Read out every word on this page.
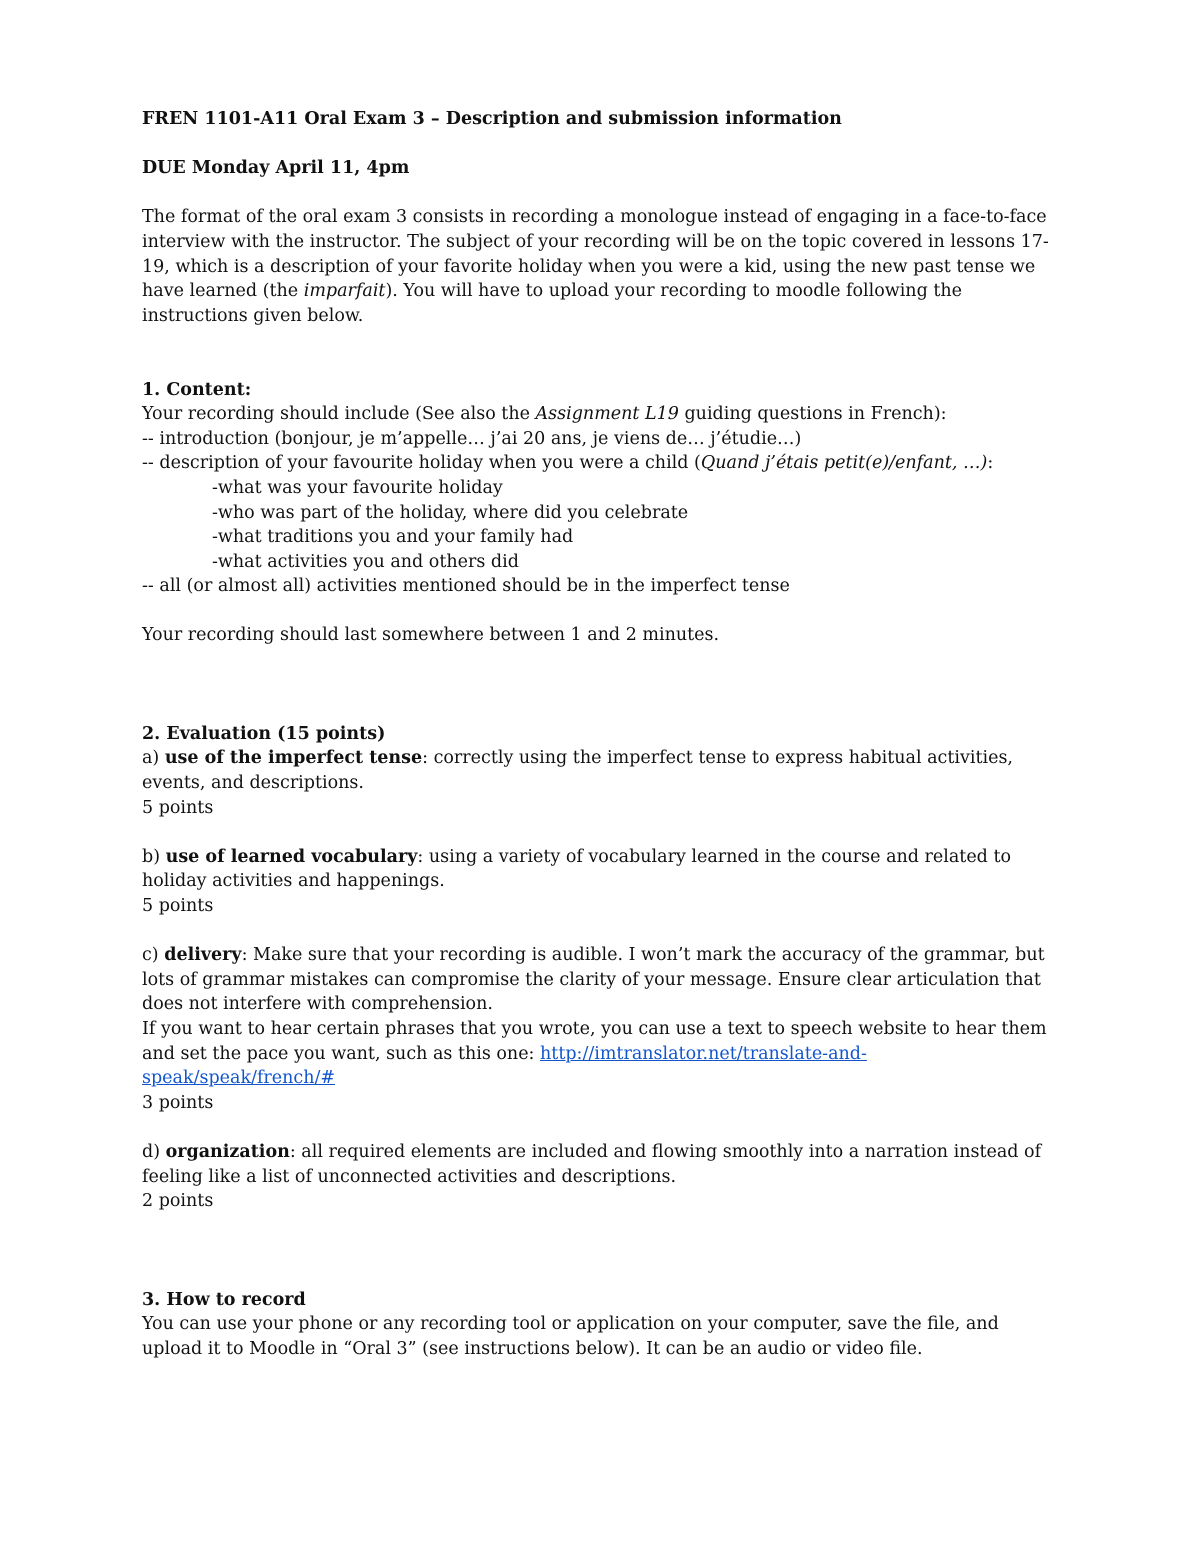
FREN 1101-A11 Oral Exam 3 – Description and submission information

DUE Monday April 11, 4pm

The format of the oral exam 3 consists in recording a monologue instead of engaging in a face-to-face interview with the instructor. The subject of your recording will be on the topic covered in lessons 17-19, which is a description of your favorite holiday when you were a kid, using the new past tense we have learned (the imparfait). You will have to upload your recording to moodle following the instructions given below.

1. Content:

Your recording should include (See also the Assignment L19 guiding questions in French):

-- introduction (bonjour, je m’appelle… j’ai 20 ans, je viens de… j’étudie…)

-- description of your favourite holiday when you were a child (Quand j’étais petit(e)/enfant, …):

-what was your favourite holiday

-who was part of the holiday, where did you celebrate

-what traditions you and your family had

-what activities you and others did

-- all (or almost all) activities mentioned should be in the imperfect tense

Your recording should last somewhere between 1 and 2 minutes.

2. Evaluation (15 points)

a) use of the imperfect tense: correctly using the imperfect tense to express habitual activities, events, and descriptions.

5 points

b) use of learned vocabulary: using a variety of vocabulary learned in the course and related to holiday activities and happenings.

5 points

c) delivery: Make sure that your recording is audible. I won’t mark the accuracy of the grammar, but lots of grammar mistakes can compromise the clarity of your message. Ensure clear articulation that does not interfere with comprehension.

If you want to hear certain phrases that you wrote, you can use a text to speech website to hear them and set the pace you want, such as this one: http://imtranslator.net/translate-and-speak/speak/french/#

3 points

d) organization: all required elements are included and flowing smoothly into a narration instead of feeling like a list of unconnected activities and descriptions.

2 points

3. How to record

You can use your phone or any recording tool or application on your computer, save the file, and upload it to Moodle in “Oral 3” (see instructions below). It can be an audio or video file.
